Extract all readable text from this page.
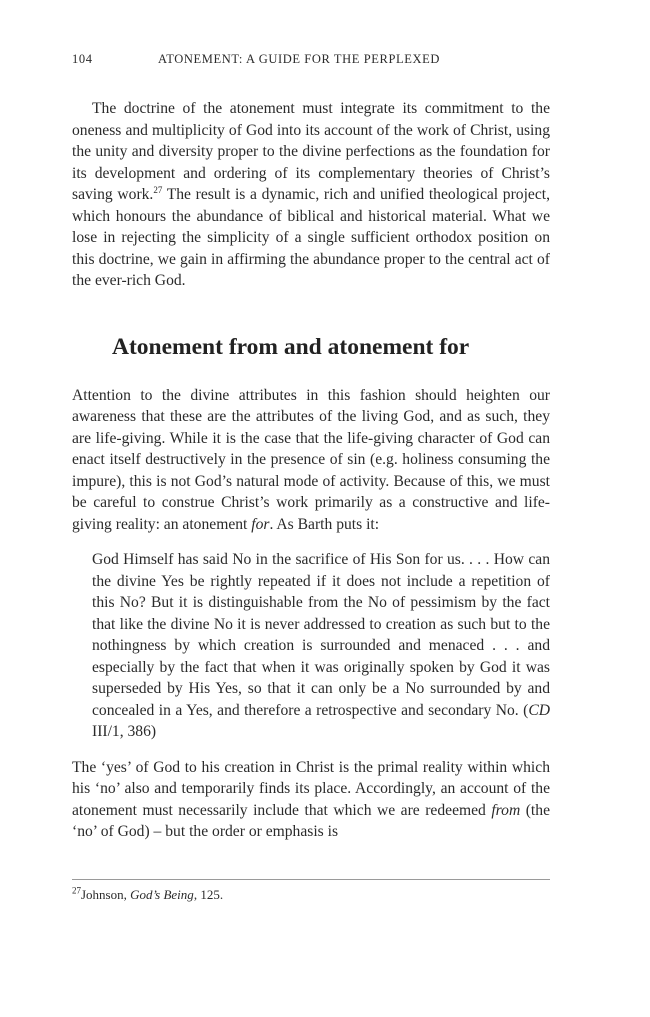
104	ATONEMENT: A GUIDE FOR THE PERPLEXED

The doctrine of the atonement must integrate its commitment to the oneness and multiplicity of God into its account of the work of Christ, using the unity and diversity proper to the divine perfections as the foundation for its development and ordering of its complementary theories of Christ’s saving work.$^{27}$ The result is a dynamic, rich and unified theological project, which honours the abundance of biblical and historical material. What we lose in rejecting the simplicity of a single sufficient orthodox position on this doctrine, we gain in affirming the abundance proper to the central act of the ever-rich God.

Atonement from and atonement for

Attention to the divine attributes in this fashion should heighten our awareness that these are the attributes of the living God, and as such, they are life-giving. While it is the case that the life-giving character of God can enact itself destructively in the presence of sin (e.g. holiness consuming the impure), this is not God’s natural mode of activity. Because of this, we must be careful to construe Christ’s work primarily as a constructive and life-giving reality: an atonement for. As Barth puts it:

God Himself has said No in the sacrifice of His Son for us. . . . How can the divine Yes be rightly repeated if it does not include a repetition of this No? But it is distinguishable from the No of pessimism by the fact that like the divine No it is never addressed to creation as such but to the nothingness by which creation is surrounded and menaced . . . and especially by the fact that when it was originally spoken by God it was superseded by His Yes, so that it can only be a No surrounded by and concealed in a Yes, and therefore a retrospective and secondary No. (CD III/1, 386)

The ‘yes’ of God to his creation in Christ is the primal reality within which his ‘no’ also and temporarily finds its place. Accordingly, an account of the atonement must necessarily include that which we are redeemed from (the ‘no’ of God) – but the order or emphasis is

$^{27}$Johnson, God’s Being, 125.
